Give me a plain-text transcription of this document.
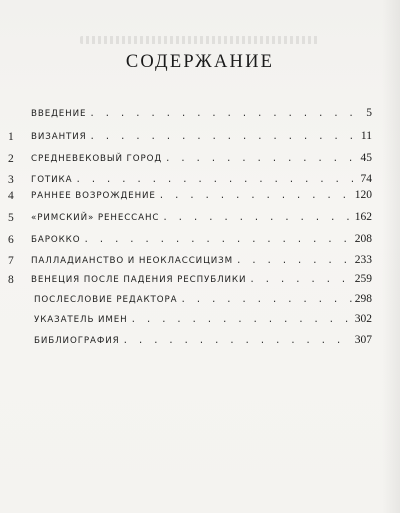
СОДЕРЖАНИЕ
ВВЕДЕНИЕ . . .	5
1	ВИЗАНТИЯ . . .	11
2	СРЕДНЕВЕКОВЫЙ ГОРОД . . .	45
3	ГОТИКА . . .	74
4	РАННЕЕ ВОЗРОЖДЕНИЕ . . .	120
5	«РИМСКИЙ» РЕНЕССАНС . . .	162
6	БАРОККО . . .	208
7	ПАЛЛАДИАНСТВО И НЕОКЛАССИЦИЗМ . . .	233
8	ВЕНЕЦИЯ ПОСЛЕ ПАДЕНИЯ РЕСПУБЛИКИ . . .	259
ПОСЛЕСЛОВИЕ РЕДАКТОРА . . .	298
УКАЗАТЕЛЬ ИМЕН . . .	302
БИБЛИОГРАФИЯ . . .	307
